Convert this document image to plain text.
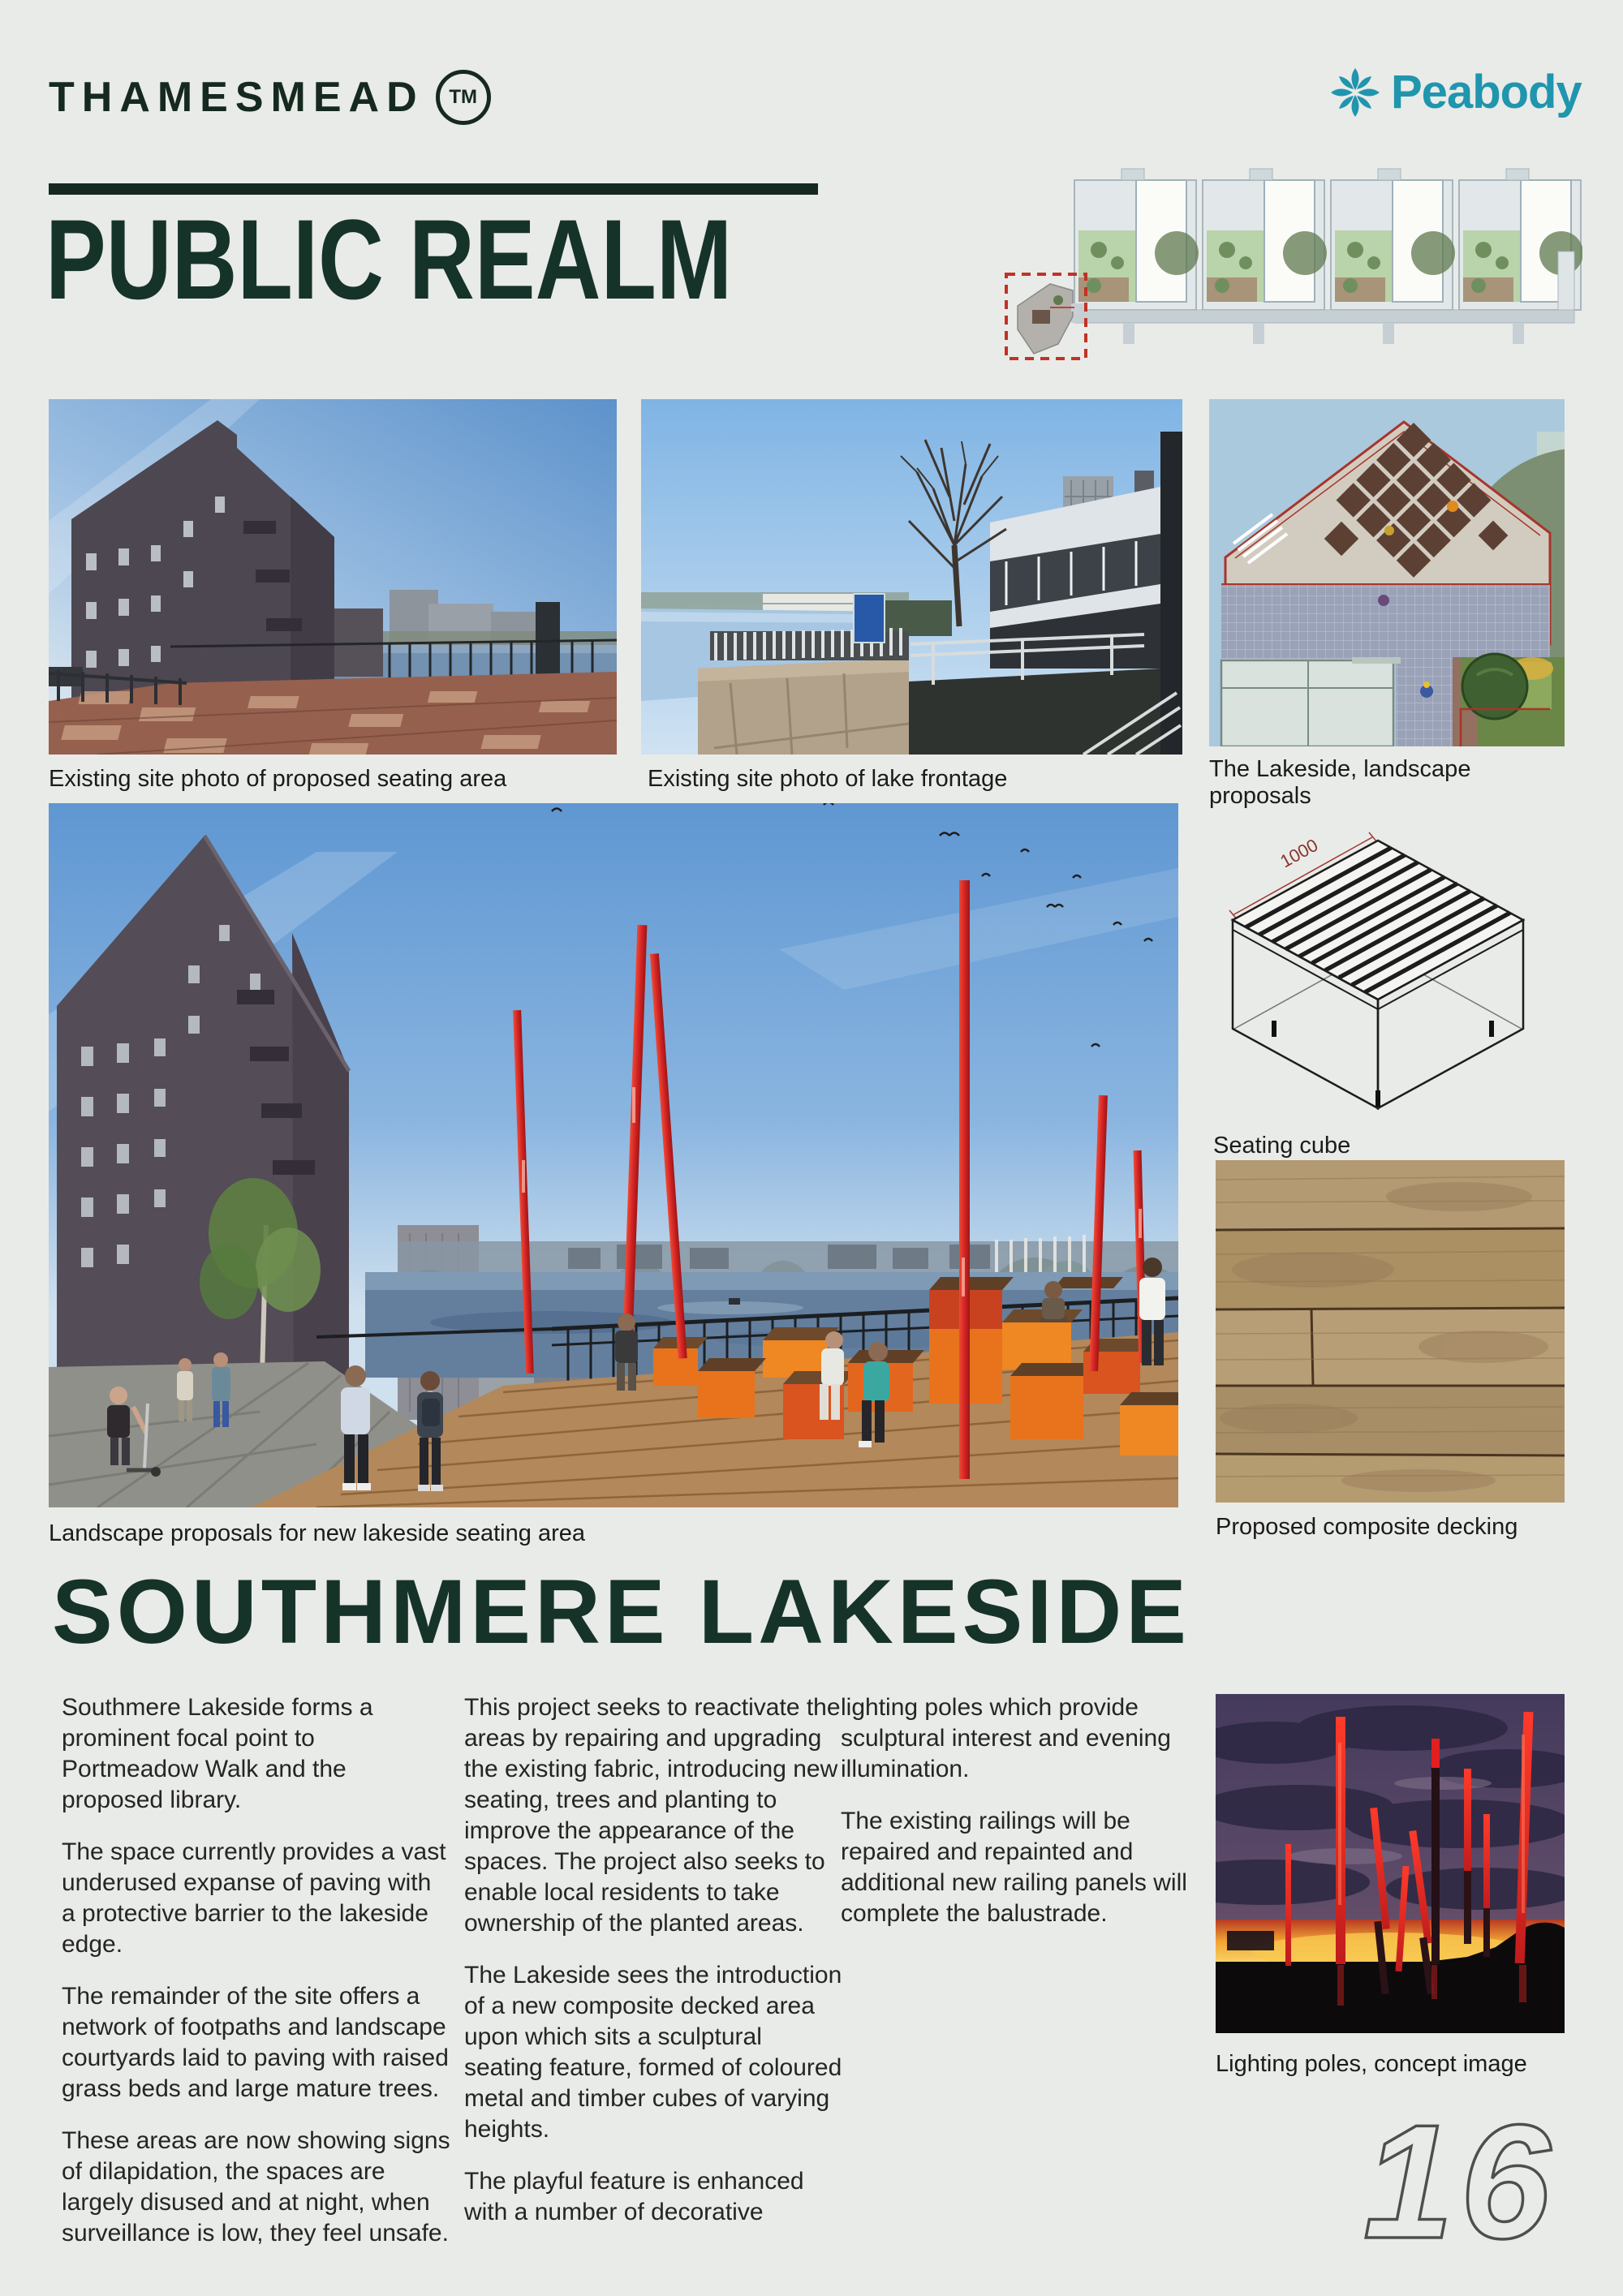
THAMESMEAD	TM	Peabody
PUBLIC REALM
Existing site photo of proposed seating area	Existing site photo of lake frontage	The Lakeside, landscape proposals
Landscape proposals for new lakeside seating area
1000
Seating cube
Proposed composite decking
SOUTHMERE LAKESIDE

Southmere Lakeside forms a prominent focal point to Portmeadow Walk and the proposed library.

The space currently provides a vast underused expanse of paving with a protective barrier to the lakeside edge.

The remainder of the site offers a network of footpaths and landscape courtyards laid to paving with raised grass beds and large mature trees.

These areas are now showing signs of dilapidation, the spaces are largely disused and at night, when surveillance is low, they feel unsafe.

This project seeks to reactivate the areas by repairing and upgrading the existing fabric, introducing new seating, trees and planting to improve the appearance of the spaces. The project also seeks to enable local residents to take ownership of the planted areas.

The Lakeside sees the introduction of a new composite decked area upon which sits a sculptural seating feature, formed of coloured metal and timber cubes of varying heights.

The playful feature is enhanced with a number of decorative

lighting poles which provide sculptural interest and evening illumination.

The existing railings will be repaired and repainted and additional new railing panels will complete the balustrade.

Lighting poles, concept image
16
